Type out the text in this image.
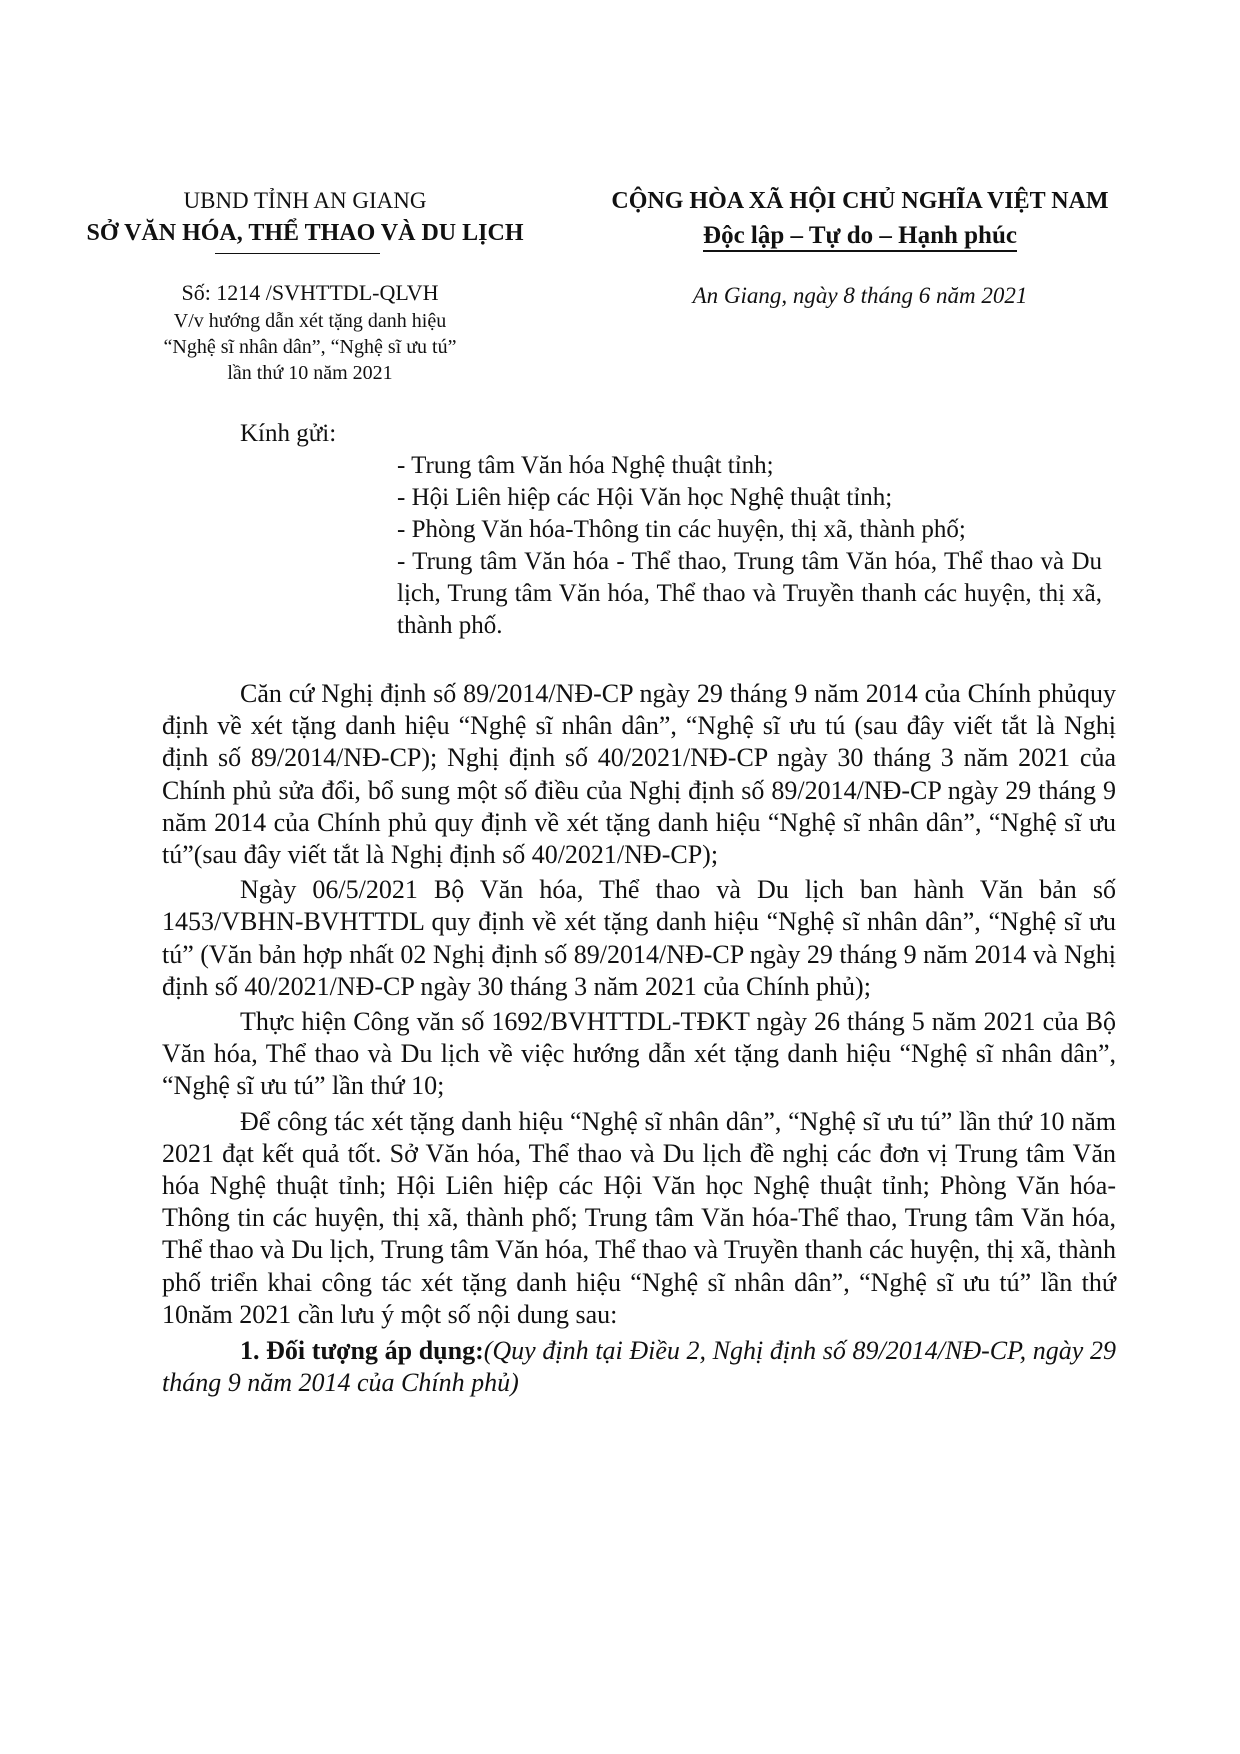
UBND TỈNH AN GIANG
SỞ VĂN HÓA, THỂ THAO VÀ DU LỊCH
CỘNG HÒA XÃ HỘI CHỦ NGHĨA VIỆT NAM
Độc lập – Tự do – Hạnh phúc
Số: 1214 /SVHTTDL-QLVH
V/v hướng dẫn xét tặng danh hiệu
“Nghệ sĩ nhân dân”, “Nghệ sĩ ưu tú”
lần thứ 10 năm 2021
An Giang, ngày 8 tháng 6 năm 2021
Kính gửi:
- Trung tâm Văn hóa Nghệ thuật tỉnh;
- Hội Liên hiệp các Hội Văn học Nghệ thuật tỉnh;
- Phòng Văn hóa-Thông tin các huyện, thị xã, thành phố;
- Trung tâm Văn hóa - Thể thao, Trung tâm Văn hóa, Thể thao và Du lịch, Trung tâm Văn hóa, Thể thao và Truyền thanh các huyện, thị xã, thành phố.

Căn cứ Nghị định số 89/2014/NĐ-CP ngày 29 tháng 9 năm 2014 của Chính phủquy định về xét tặng danh hiệu “Nghệ sĩ nhân dân”, “Nghệ sĩ ưu tú (sau đây viết tắt là Nghị định số 89/2014/NĐ-CP); Nghị định số 40/2021/NĐ-CP ngày 30 tháng 3 năm 2021 của Chính phủ sửa đổi, bổ sung một số điều của Nghị định số 89/2014/NĐ-CP ngày 29 tháng 9 năm 2014 của Chính phủ quy định về xét tặng danh hiệu “Nghệ sĩ nhân dân”, “Nghệ sĩ ưu tú”(sau đây viết tắt là Nghị định số 40/2021/NĐ-CP);

Ngày 06/5/2021 Bộ Văn hóa, Thể thao và Du lịch ban hành Văn bản số 1453/VBHN-BVHTTDL quy định về xét tặng danh hiệu “Nghệ sĩ nhân dân”, “Nghệ sĩ ưu tú” (Văn bản hợp nhất 02 Nghị định số 89/2014/NĐ-CP ngày 29 tháng 9 năm 2014 và Nghị định số 40/2021/NĐ-CP ngày 30 tháng 3 năm 2021 của Chính phủ);

Thực hiện Công văn số 1692/BVHTTDL-TĐKT ngày 26 tháng 5 năm 2021 của Bộ Văn hóa, Thể thao và Du lịch về việc hướng dẫn xét tặng danh hiệu “Nghệ sĩ nhân dân”, “Nghệ sĩ ưu tú” lần thứ 10;

Để công tác xét tặng danh hiệu “Nghệ sĩ nhân dân”, “Nghệ sĩ ưu tú” lần thứ 10 năm 2021 đạt kết quả tốt. Sở Văn hóa, Thể thao và Du lịch đề nghị các đơn vị Trung tâm Văn hóa Nghệ thuật tỉnh; Hội Liên hiệp các Hội Văn học Nghệ thuật tỉnh; Phòng Văn hóa-Thông tin các huyện, thị xã, thành phố; Trung tâm Văn hóa-Thể thao, Trung tâm Văn hóa, Thể thao và Du lịch, Trung tâm Văn hóa, Thể thao và Truyền thanh các huyện, thị xã, thành phố triển khai công tác xét tặng danh hiệu “Nghệ sĩ nhân dân”, “Nghệ sĩ ưu tú” lần thứ 10năm 2021 cần lưu ý một số nội dung sau:

1. Đối tượng áp dụng:(Quy định tại Điều 2, Nghị định số 89/2014/NĐ-CP, ngày 29 tháng 9 năm 2014 của Chính phủ)
